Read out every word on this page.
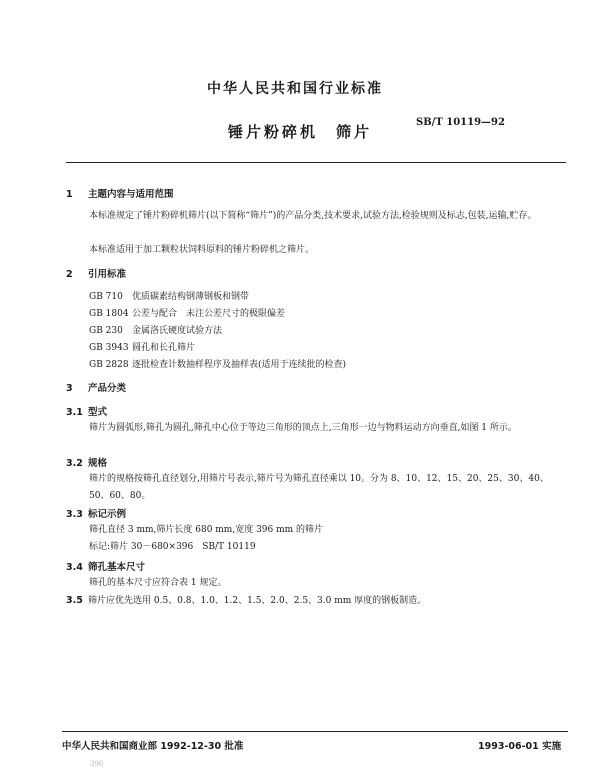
中华人民共和国行业标准
SB/T 10119—92
锤片粉碎机　筛片
1 主题内容与适用范围
本标准规定了锤片粉碎机筛片(以下简称“筛片”)的产品分类,技术要求,试验方法,检验规则及标志,包装,运输,贮存。
本标准适用于加工颗粒状饲料原料的锤片粉碎机之筛片。
2 引用标准
GB 710 优质碳素结构钢薄钢板和钢带
GB 1804 公差与配合　未注公差尺寸的极限偏差
GB 230 金属洛氏硬度试验方法
GB 3943 圆孔和长孔筛片
GB 2828 逐批检查计数抽样程序及抽样表(适用于连续批的检查)
3 产品分类
3.1 型式
筛片为圆弧形,筛孔为圆孔,筛孔中心位于等边三角形的顶点上,三角形一边与物料运动方向垂直,如图 1 所示。
3.2 规格
筛片的规格按筛孔直径划分,用筛片号表示,筛片号为筛孔直径乘以 10。分为 8、10、12、15、20、25、30、40、50、60、80。
3.3 标记示例
筛孔直径 3 mm,筛片长度 680 mm,宽度 396 mm 的筛片
标记:筛片 30－680×396　SB/T 10119
3.4 筛孔基本尺寸
筛孔的基本尺寸应符合表 1 规定。
3.5 筛片应优先选用 0.5、0.8、1.0、1.2、1.5、2.0、2.5、3.0 mm 厚度的钢板制造。
中华人民共和国商业部 1992-12-30 批准	1993-06-01 实施
396
